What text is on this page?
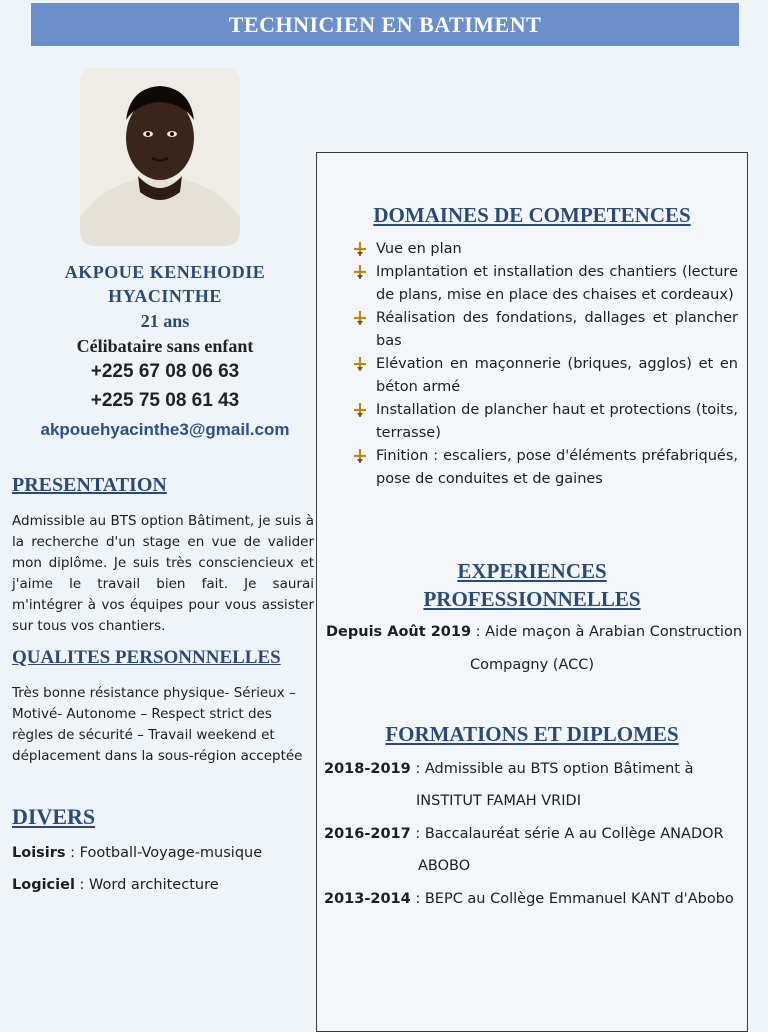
TECHNICIEN EN BATIMENT
AKPOUE KENEHODIE
HYACINTHE
21 ans
Célibataire sans enfant
+225 67 08 06 63
+225 75 08 61 43
akpouehyacinthe3@gmail.com
PRESENTATION
Admissible au BTS option Bâtiment, je suis à la recherche d'un stage en vue de valider mon diplôme. Je suis très consciencieux et j'aime le travail bien fait. Je saurai m'intégrer à vos équipes pour vous assister sur tous vos chantiers.
QUALITES PERSONNNELLES
Très bonne résistance physique- Sérieux – Motivé- Autonome – Respect strict des règles de sécurité – Travail weekend et déplacement dans la sous-région acceptée
DIVERS
Loisirs : Football-Voyage-musique
Logiciel : Word architecture
DOMAINES DE COMPETENCES
Vue en plan
Implantation et installation des chantiers (lecture de plans, mise en place des chaises et cordeaux)
Réalisation des fondations, dallages et plancher bas
Elévation en maçonnerie (briques, agglos) et en béton armé
Installation de plancher haut et protections (toits, terrasse)
Finition : escaliers, pose d'éléments préfabriqués, pose de conduites et de gaines
EXPERIENCES
PROFESSIONNELLES
Depuis Août 2019 : Aide maçon à Arabian Construction
Compagny (ACC)
FORMATIONS ET DIPLOMES
2018-2019 : Admissible au BTS option Bâtiment à
INSTITUT FAMAH VRIDI
2016-2017 : Baccalauréat série A au Collège ANADOR
ABOBO
2013-2014 : BEPC au Collège Emmanuel KANT d'Abobo
